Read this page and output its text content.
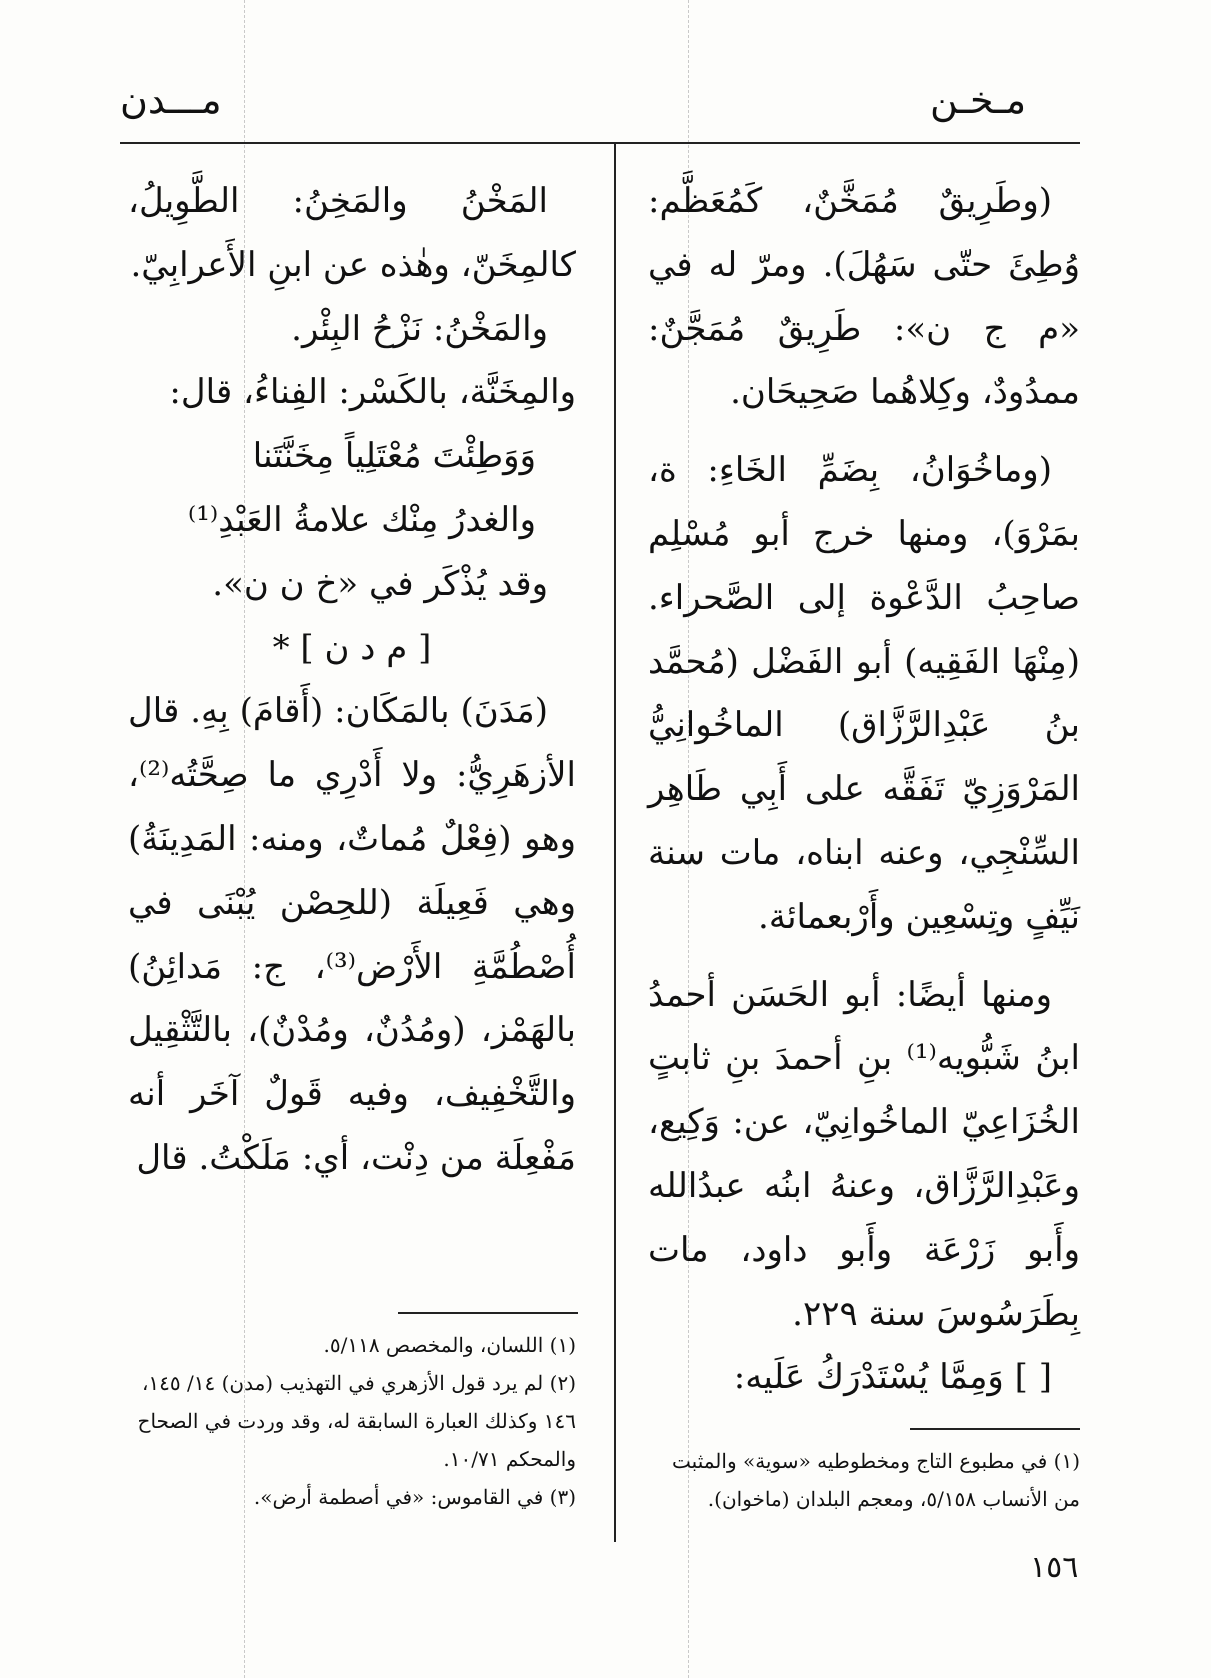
مـخـن
مـــدن

(وطَرِيقٌ مُمَخَّنٌ، كَمُعَظَّم: وُطِئَ حتّى سَهُلَ). ومرّ له في «م ج ن»: طَرِيقٌ مُمَجَّنٌ: ممدُودٌ، وكِلاهُما صَحِيحَان.

(وماخُوَانُ، بِضَمِّ الخَاءِ: ة، بمَرْوَ)، ومنها خرج أبو مُسْلِم صاحِبُ الدَّعْوة إلى الصَّحراء. (مِنْهَا الفَقِيه) أبو الفَضْل (مُحمَّد بنُ عَبْدِالرَّزَّاق) الماخُوانِيُّ المَرْوَزِيّ تَفَقَّه على أَبِي طَاهِر السِّنْجِي، وعنه ابناه، مات سنة نَيِّفٍ وتِسْعِين وأَرْبعمائة.

ومنها أيضًا: أبو الحَسَن أحمدُ ابنُ شَبُّويه⁽¹⁾ بنِ أحمدَ بنِ ثابتٍ الخُزَاعِيّ الماخُوانِيّ، عن: وَكِيع، وعَبْدِالرَّزَّاق، وعنهُ ابنُه عبدُالله وأَبو زَرْعَة وأَبو داود، مات بِطَرَسُوسَ سنة ٢٢٩.

[ ] وَمِمَّا يُسْتَدْرَكُ عَلَيه:

(١) في مطبوع التاج ومخطوطيه «سوية» والمثبت من الأنساب ٥/١٥٨، ومعجم البلدان (ماخوان).

المَخْنُ والمَخِنُ: الطَّوِيلُ، كالمِخَنّ، وهٰذه عن ابنِ الأَعرابِيّ.

والمَخْنُ: نَزْحُ البِئْر.

والمِخَنَّة، بالكَسْر: الفِناءُ، قال:

وَوَطِئْتَ مُعْتَلِياً مِخَنَّتَنا

والغدرُ مِنْك علامةُ العَبْدِ⁽¹⁾

وقد يُذْكَر في «خ ن ن».

[ م د ن ] *

(مَدَنَ) بالمَكَان: (أَقامَ) بِهِ. قال الأزهَرِيُّ: ولا أَدْرِي ما صِحَّتُه⁽²⁾، وهو (فِعْلٌ مُماتٌ، ومنه: المَدِينَةُ) وهي فَعِيلَة (للحِصْن يُبْنَى في أُصْطُمَّةِ الأَرْض⁽³⁾، ج: مَدائِنُ) بالهَمْز، (ومُدُنٌ، ومُدْنٌ)، بالتَّثْقِيل والتَّخْفِيف، وفيه قَولٌ آخَر أنه مَفْعِلَة من دِنْت، أي: مَلَكْتُ. قال

(١) اللسان، والمخصص ٥/١١٨.

(٢) لم يرد قول الأزهري في التهذيب (مدن) ١٤/ ١٤٥، ١٤٦ وكذلك العبارة السابقة له، وقد وردت في الصحاح والمحكم ١٠/٧١.

(٣) في القاموس: «في أصطمة أرض».

١٥٦
